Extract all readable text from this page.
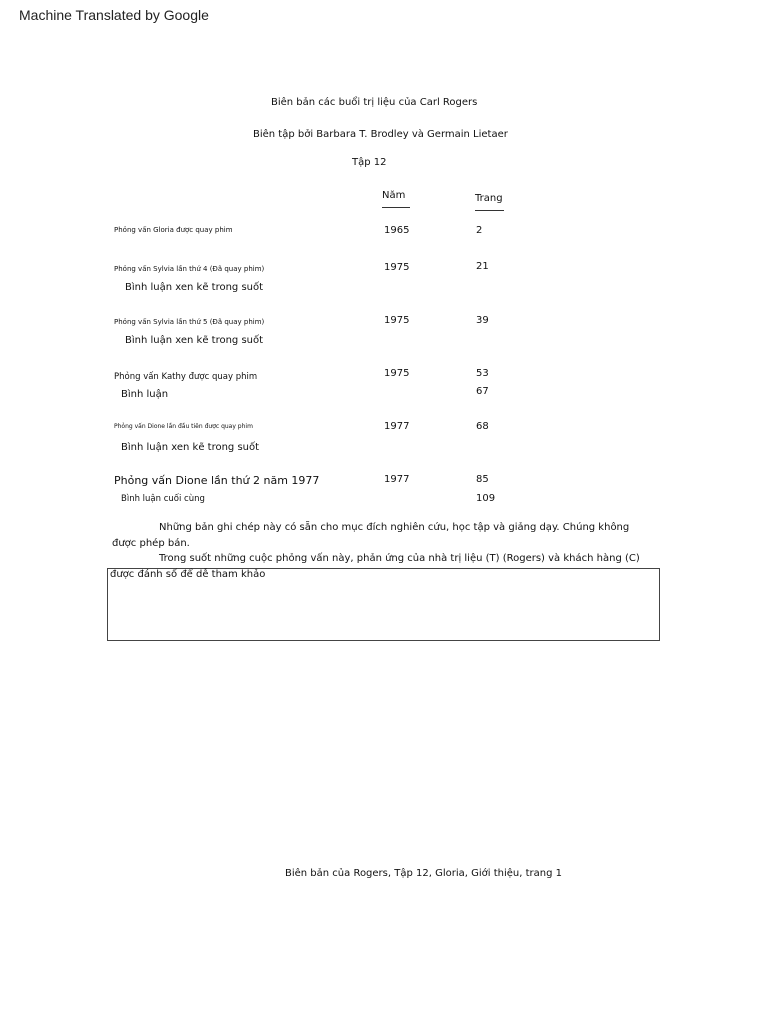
Machine Translated by Google
Biên bản các buổi trị liệu của Carl Rogers
Biên tập bởi Barbara T. Brodley và Germain Lietaer
Tập 12
Năm	Trang
Phỏng vấn Gloria được quay phim	1965	2
Phỏng vấn Sylvia lần thứ 4 (Đã quay phim)	1975	21
Bình luận xen kẽ trong suốt
Phỏng vấn Sylvia lần thứ 5 (Đã quay phim)	1975	39
Bình luận xen kẽ trong suốt
Phỏng vấn Kathy được quay phim	1975	53
Bình luận	67
Phỏng vấn Dione lần đầu tiên được quay phim	1977	68
Bình luận xen kẽ trong suốt
Phỏng vấn Dione lần thứ 2 năm 1977	1977	85
Bình luận cuối cùng	109
Những bản ghi chép này có sẵn cho mục đích nghiên cứu, học tập và giảng dạy. Chúng không
được phép bán.
Trong suốt những cuộc phỏng vấn này, phản ứng của nhà trị liệu (T) (Rogers) và khách hàng (C)
được đánh số để dễ tham khảo
Biên bản của Rogers, Tập 12, Gloria, Giới thiệu, trang 1
